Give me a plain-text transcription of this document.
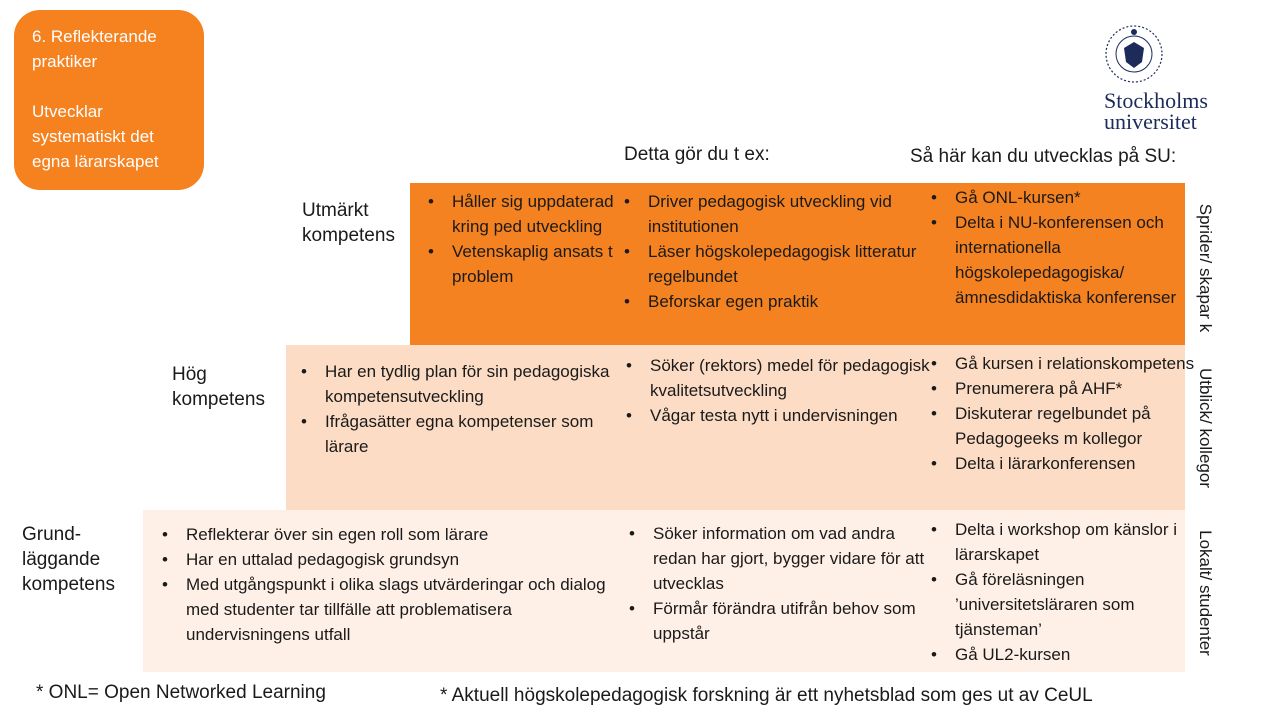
6. Reflekterande praktiker

Utvecklar systematiskt det egna lärarskapet

Stockholms
universitet
Detta gör du t ex:	Så här kan du utvecklas på SU:
Utmärkt kompetens
Hög kompetens
Grund-
läggande
kompetens
• Håller sig uppdaterad kring ped utveckling
• Vetenskaplig ansats t problem
• Driver pedagogisk utveckling vid institutionen
• Läser högskolepedagogisk litteratur regelbundet
• Beforskar egen praktik
• Gå ONL-kursen*
• Delta i NU-konferensen och internationella högskolepedagogiska/ ämnesdidaktiska konferenser
• Har en tydlig plan för sin pedagogiska kompetensutveckling
• Ifrågasätter egna kompetenser som lärare
• Söker (rektors) medel för pedagogisk kvalitetsutveckling
• Vågar testa nytt i undervisningen
• Gå kursen i relationskompetens
• Prenumerera på AHF*
• Diskuterar regelbundet på Pedagogeeks m kollegor
• Delta i lärarkonferensen
• Reflekterar över sin egen roll som lärare
• Har en uttalad pedagogisk grundsyn
• Med utgångspunkt i olika slags utvärderingar och dialog med studenter tar tillfälle att problematisera undervisningens utfall
• Söker information om vad andra redan har gjort, bygger vidare för att utvecklas
• Förmår förändra utifrån behov som uppstår
• Delta i workshop om känslor i lärarskapet
• Gå föreläsningen ’universitetsläraren som tjänsteman’
• Gå UL2-kursen
Sprider/ skapar k
Utblick/ kollegor
Lokalt/ studenter
* ONL= Open Networked Learning	* Aktuell högskolepedagogisk forskning är ett nyhetsblad som ges ut av CeUL
